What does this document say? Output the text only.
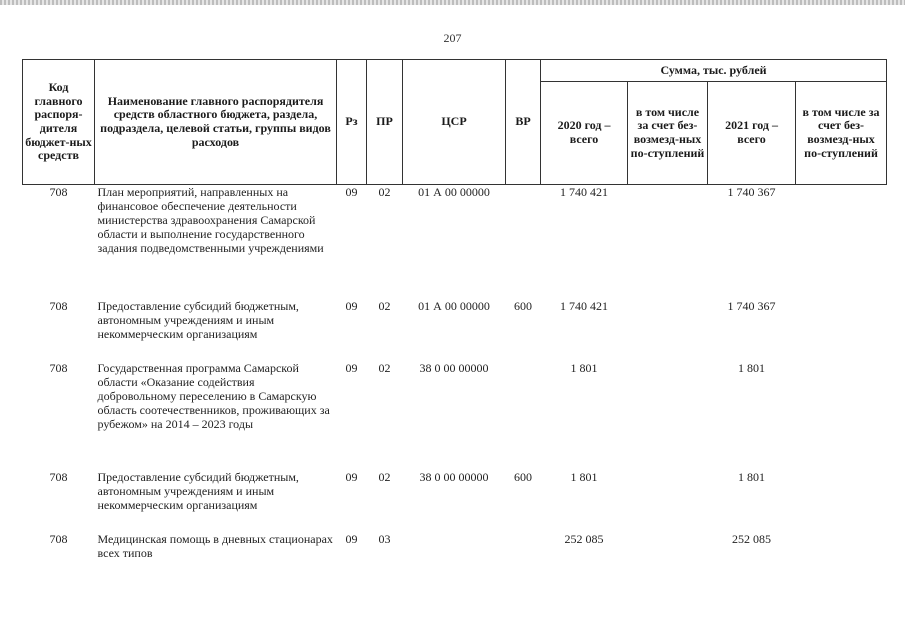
207
Код главного распоря-дителя бюджет-ных средств	Наименование главного распорядителя средств областного бюджета, раздела, подраздела, целевой статьи, группы видов расходов	Рз	ПР	ЦСР	ВР	Сумма, тыс. рублей			
						2020 год – всего	в том числе за счет без-возмезд-ных по-ступлений	2021 год – всего	в том числе за счет без-возмезд-ных по-ступлений
708	План мероприятий, направленных на финансовое обеспечение деятельности министерства здравоохранения Самарской области и выполнение государственного задания подведомственными учреждениями	09	02	01 А 00 00000		1 740 421		1 740 367	
708	Предоставление субсидий бюджетным, автономным учреждениям и иным некоммерческим организациям	09	02	01 А 00 00000	600	1 740 421		1 740 367	
708	Государственная программа Самарской области «Оказание содействия добровольному переселению в Самарскую область соотечественников, проживающих за рубежом» на 2014 – 2023 годы	09	02	38 0 00 00000		1 801		1 801	
708	Предоставление субсидий бюджетным, автономным учреждениям и иным некоммерческим организациям	09	02	38 0 00 00000	600	1 801		1 801	
708	Медицинская помощь в дневных стационарах всех типов	09	03			252 085		252 085	
